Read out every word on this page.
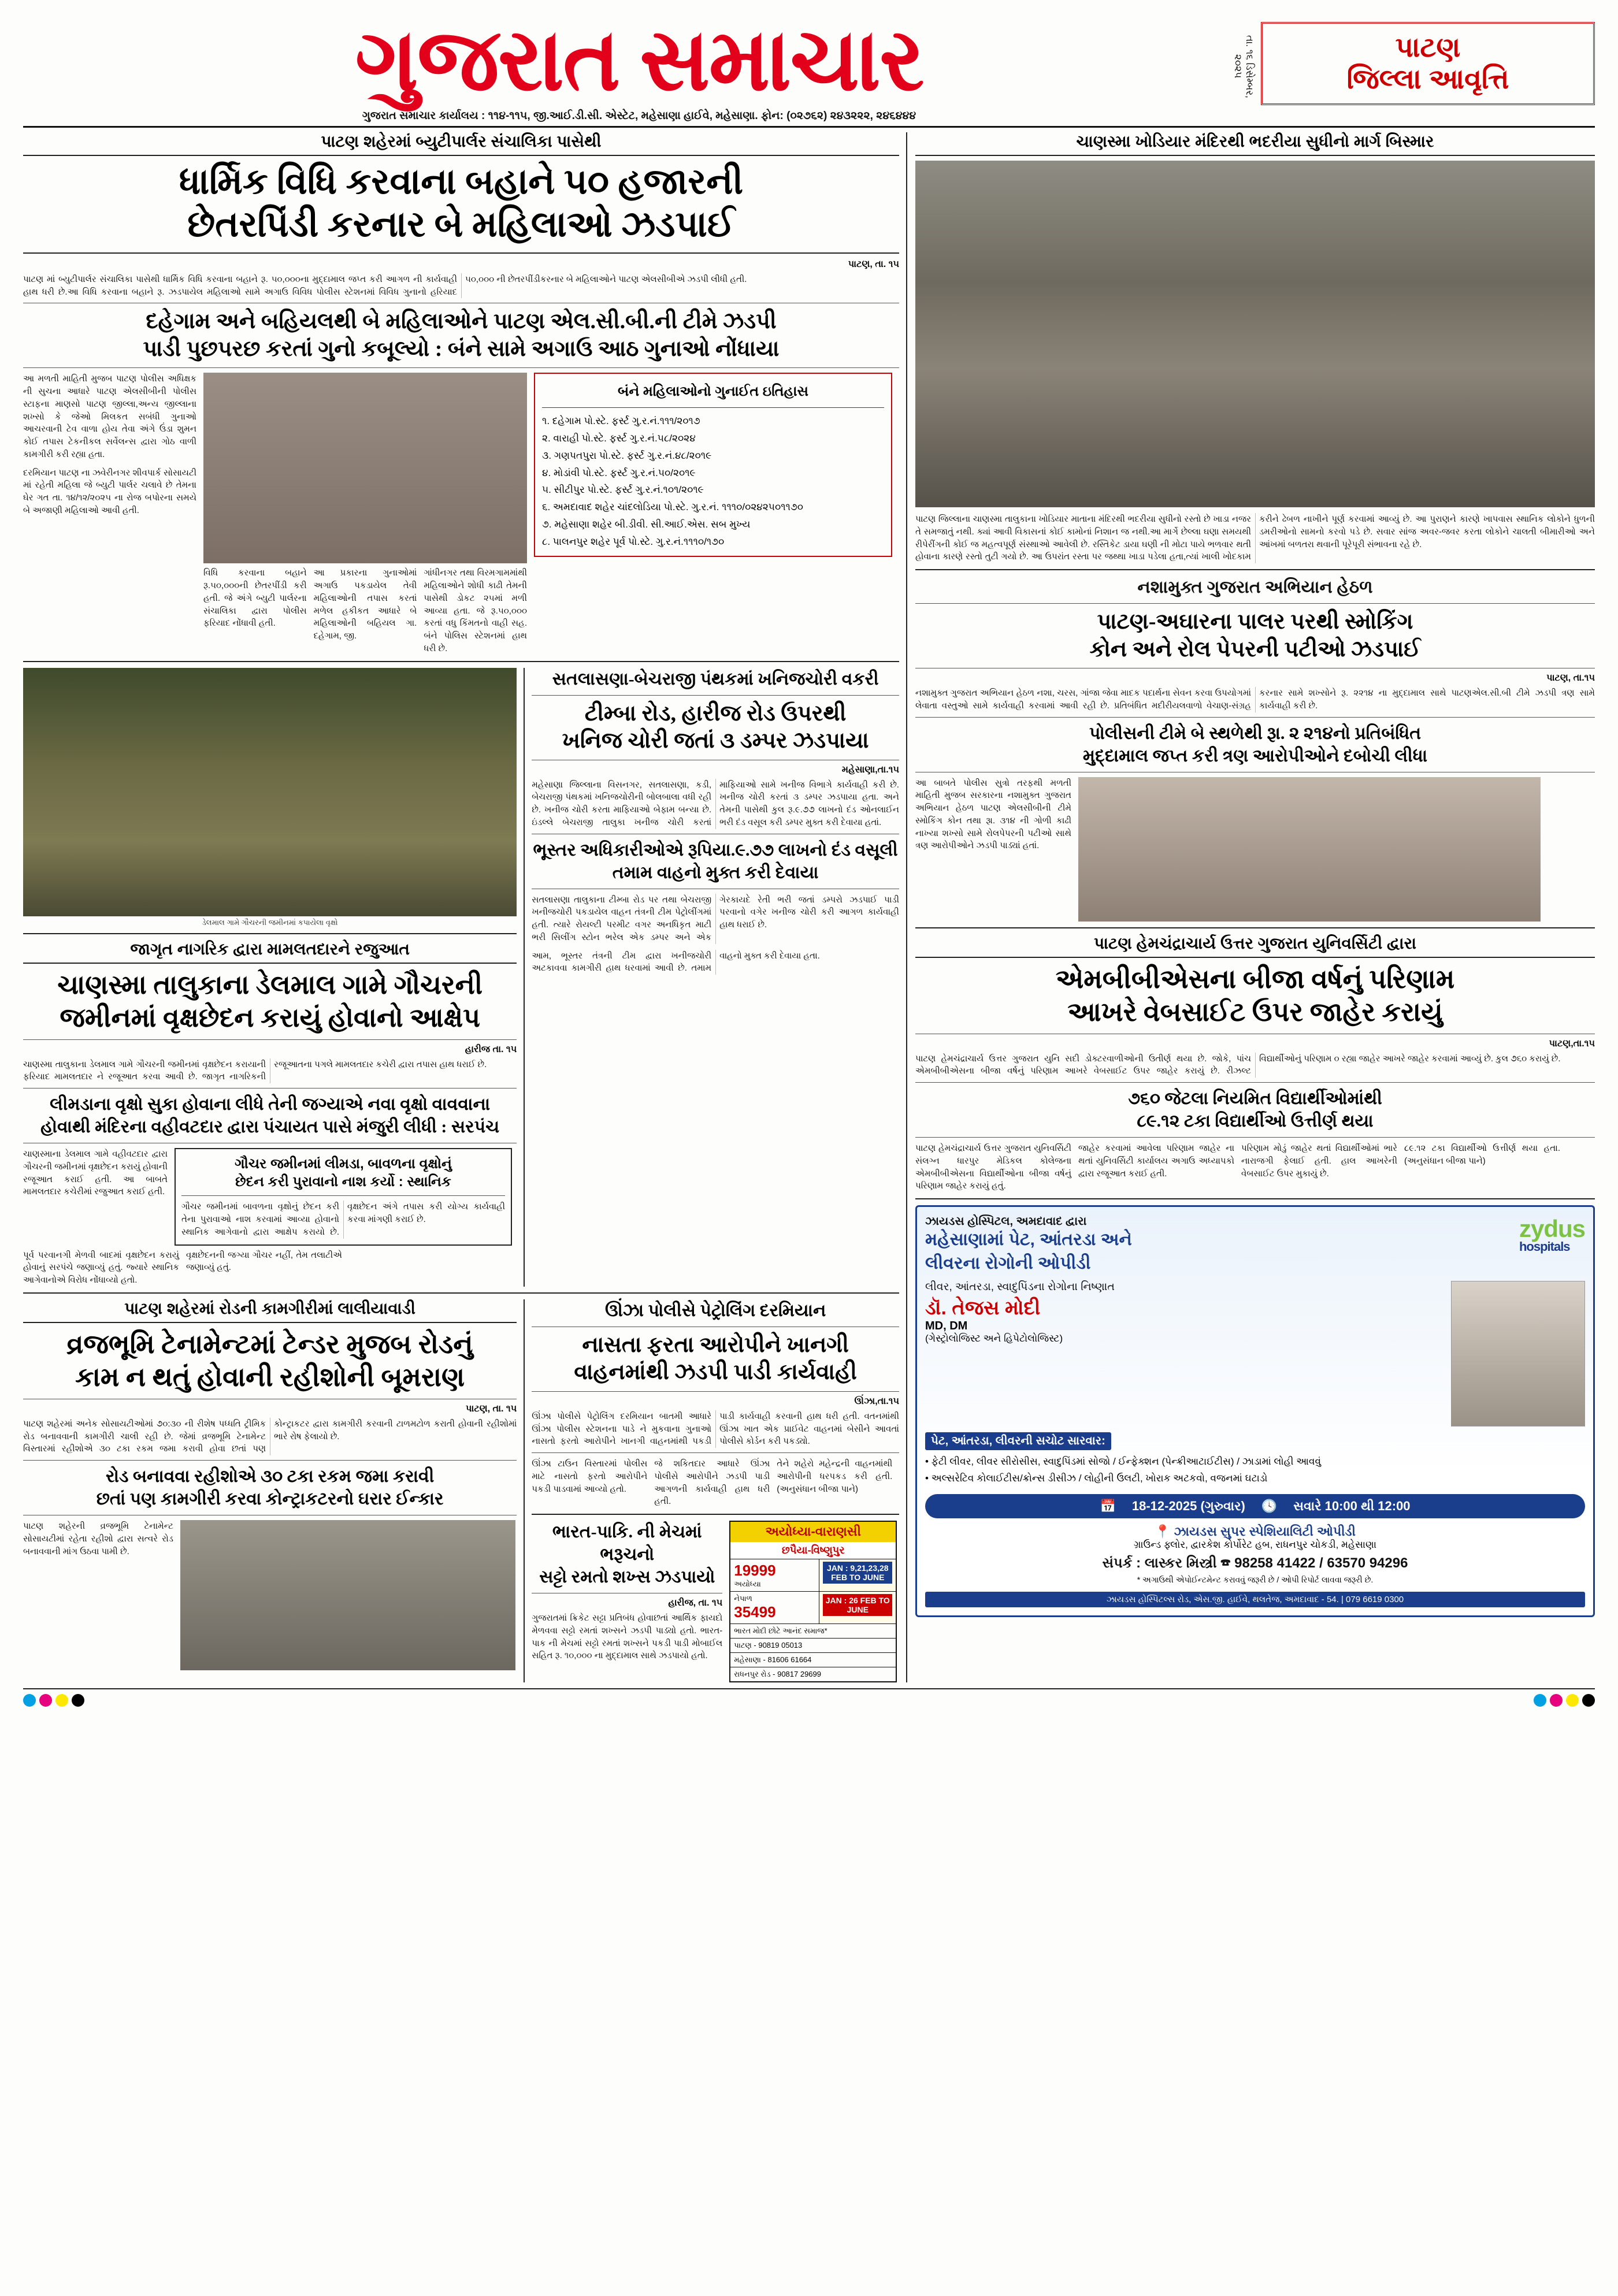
ગુજરાત સમાચાર
ગુજરાત સમાચાર કાર્યાલય : ૧૧૪-૧૧૫, જી.આઈ.ડી.સી. એસ્ટેટ, મહેસાણા હાઈવે, મહેસાણા. ફોન: (૦૨૭૬૨) ૨૪૩૨૨૨, ૨૪૬૪૪૪
તા. ૧૬ ડિસેમ્બર, ૨૦૨૫
પાટણ
જિલ્લા આવૃત્તિ
પાટણ શહેરમાં બ્યુટીપાર્લર સંચાલિકા પાસેથી
ધાર્મિક વિધિ કરવાના બહાને ૫૦ હજારની
છેતરપિંડી કરનાર બે મહિલાઓ ઝડપાઈ
પાટણ, તા. ૧૫

પાટણ માં બ્યુટીપાર્લર સંચાલિકા પાસેથી ધાર્મિક વિધિ કરવાના બહાને રૂ. ૫૦,૦૦૦ના મુદ્દામાલ જપ્ત કરી આગળ ની કાર્યવાહી હાથ ધરી છે.આ વિધિ કરવાના બહાને રૂ. ઝડપાયેલ મહિલાઓ સામે અગાઉ વિવિધ પોલીસ સ્ટેશનમાં વિવિધ ગુનાનો હરિયાદ ૫૦,૦૦૦ ની છેતરપીંડીકરનાર બે મહિલાઓને પાટણ એલસીબીએ ઝડપી લીધી હતી.

દહેગામ અને બહિયલથી બે મહિલાઓને પાટણ એલ.સી.બી.ની ટીમે ઝડપી
પાડી પુછપરછ કરતાં ગુનો કબૂલ્યો : બંને સામે અગાઉ આઠ ગુનાઓ નોંધાયા

આ મળતી માહિતી મુજબ પાટણ પોલીસ અધિક્ષક ની સુચના આધારે પાટણ એલસીબીની પોલીસ સ્ટાફના માણસો પાટણ જીલ્લા,અન્ય જીલ્લાના શખ્સો કે જેઓ મિલકત સબંધી ગુનાઓ આચરવાની ટેવ વાળા હોય તેવા અંગે ઉંડા શુમન કોઈ તપાસ ટેકનીકલ સર્વેલન્સ દ્વારા ગોઠ વાળી કામગીરી કરી રહ્યા હતા.

દરમિયાન પાટણ ના ઝવેરીનગર શીવપાર્ક સોસાયટી માં રહેતી મહિલા જે બ્યુટી પાર્લર ચલાવે છે તેમના ઘેર ગત તા. ૧૪/૧૨/૨૦૨૫ ના રોજ બપોરના સમયે બે અજાણી મહિલાઓ આવી હતી.

વિધિ કરવાના બહાને રૂ.૫૦,૦૦૦ની છેતરપીંડી કરી હતી. જે અંગે બ્યુટી પાર્લરના સંચાલિકા દ્વારા પોલીસ ફરિયાદ નોંધાવી હતી.

આ પ્રકારના ગુનાઓમાં અગાઉ પકડાયેલ તેવી મહિલાઓની તપાસ કરતાં મળેલ હકીકત આધારે બે મહિલાઓની બહિયલ ગા. દહેગામ, જી.

ગાંધીનગર તથા વિરમગામમાંથી મહિલાઓને શોધી કાઢી તેમની પાસેથી ડોકટ ૨૫માં મળી આવ્યા હતા. જે રૂ.૫૦,૦૦૦ કરતાં વધુ કિંમતનો વાહી સહ. બંને પોલિસ સ્ટેશનમાં હાથ ધરી છે.

બંને મહિલાઓનો ગુનાઈત ઇતિહાસ
૧. દહેગામ પો.સ્ટે. ફર્સ્ટ ગુ.ર.નં.૧૧૧/૨૦૧૭
૨. વારાહી પો.સ્ટે. ફર્સ્ટ ગુ.ર.નં.૫૮/૨૦૨૪
૩. ગણપતપુરા પો.સ્ટે. ફર્સ્ટ ગુ.ર.નં.૪૮/૨૦૧૯
૪. મોડાંવી પો.સ્ટે. ફર્સ્ટ ગુ.ર.નં.૫૦/૨૦૧૯
૫. સીટીપુર પો.સ્ટે. ફર્સ્ટ ગુ.ર.નં.૧૦૧/૨૦૧૯
૬. અમદાવાદ શહેર ચાંદલોડિયા પો.સ્ટે. ગુ.ર.નં. ૧૧૧૦/૦૨૪૨૫૦૧૧૭૦
૭. મહેસાણા શહેર બી.ડીવી. સી.આઈ.એસ. સબ મુખ્ય
૮. પાલનપુર શહેર પૂર્વ પો.સ્ટે. ગુ.ર.નં.૧૧૧૦/૧૭૦
ડેલમાલ ગામે ગૌચરની જમીનમાં કપાયેલા વૃક્ષો
જાગૃત નાગરિક દ્વારા મામલતદારને રજુઆત
ચાણસ્મા તાલુકાના ડેલમાલ ગામે ગૌચરની
જમીનમાં વૃક્ષછેદન કરાયું હોવાનો આક્ષેપ
હારીજ તા. ૧૫

ચાણસ્મા તાલુકાના ડેલમાલ ગામે ગૌચરની જમીનમાં વૃક્ષછેદન કરાયાની ફરિયાદ મામલતદાર ને રજૂઆત કરવા આવી છે. જાગૃત નાગરિકની રજૂઆતના પગલે મામલતદાર કચેરી દ્વારા તપાસ હાથ ધરાઈ છે.

લીમડાના વૃક્ષો સુકા હોવાના લીધે તેની જગ્યાએ નવા વૃક્ષો વાવવાના
હોવાથી મંદિરના વહીવટદાર દ્વારા પંચાયત પાસે મંજુરી લીધી : સરપંચ

ચાણસ્માના ડેલમાલ ગામે વહીવટદાર દ્વારા ગૌચરની જમીનમાં વૃક્ષછેદન કરાયું હોવાની રજૂઆત કરાઈ હતી. આ બાબતે મામલતદાર કચેરીમાં રજુઆત કરાઈ હતી.

ગૌચર જમીનમાં લીમડા, બાવળના વૃક્ષોનું
છેદન કરી પુરાવાનો નાશ કર્યો : સ્થાનિક

ગૌચર જમીનમાં બાવળના વૃક્ષોનું છેદન કરી તેના પુરાવાઓ નાશ કરવામાં આવ્યા હોવાનો સ્થાનિક આગેવાનો દ્વારા આક્ષેપ કરાયો છે. વૃક્ષછેદન અંગે તપાસ કરી યોગ્ય કાર્યવાહી કરવા માંગણી કરાઈ છે.

પૂર્વ પરવાનગી મેળવી બાદમાં વૃક્ષછેદન કરાયું હોવાનું સરપંચે જણાવ્યું હતું. જ્યારે સ્થાનિક આગેવાનોએ વિરોધ નોંધાવ્યો હતો.

વૃક્ષછેદનની જગ્યા ગૌચર નહીં, તેમ તલાટીએ જણાવ્યું હતું.

સતલાસણા-બેચરાજી પંથકમાં ખનિજચોરી વકરી
ટીમ્બા રોડ, હારીજ રોડ ઉપરથી
ખનિજ ચોરી જતાં ૩ ડમ્પર ઝડપાયા
મહેસાણા,તા.૧૫

મહેસાણા જિલ્લાના વિસનગર, સતલાસણા, કડી, બેચરાજી પંથકમાં ખનિજચોરીની બોલબાલા વધી રહી છે. ખનીજ ચોરી કરતા માફિયાઓ બેફામ બન્યા છે. ઇંડલ્લે બેચરાજી તાલુકા ખનીજ ચોરી કરતાં માફિયાઓ સામે ખનીજ વિભાગે કાર્યવાહી કરી છે. ખનીજ ચોરી કરતાં ૩ ડમ્પર ઝડપાયા હતા. અને તેમની પાસેથી કુલ રૂ.૯.૭૭ લાખનો દંડ ઓનલાઈન ભરી દંડ વસૂલ કરી ડમ્પર મુક્ત કરી દેવાયા હતાં.

ભૂસ્તર અધિકારીઓએ રૂપિયા.૯.૭૭ લાખનો દંડ વસૂલી તમામ વાહનો મુક્ત કરી દેવાયા

સતલાસણા તાલુકાના ટીમ્બા રોડ પર તથા બેચરાજી ખનીજચોરી પકડાયેલ વાહન તંત્રની ટીમ પેટ્રોલીંગમાં હતી. ત્યારે રોયલ્ટી પરમીટ વગર અનધિકૃત માટી ભરી સિલીંગ સ્ટોન ભરેલ એક ડમ્પર અને એક ગેરકાયદે રેતી ભરી જતાં ડમ્પરો ઝડપાઈ પાડી પરવાનો વગેર ખનીજ ચોરી કરી આગળ કાર્યવાહી હાથ ધરાઈ છે.

આમ, ભૂસ્તર તંત્રની ટીમ દ્વારા ખનીજચોરી અટકાવવા કામગીરી હાથ ધરવામાં આવી છે. તમામ વાહનો મુક્ત કરી દેવાયા હતા.

પાટણ શહેરમાં રોડની કામગીરીમાં લાલીયાવાડી
વ્રજભૂમિ ટેનામેન્ટમાં ટેન્ડર મુજબ રોડનું
કામ ન થતું હોવાની રહીશોની બૂમરાણ
પાટણ, તા. ૧૫

પાટણ શહેરમાં અનેક સોસાયટીઓમાં ૭૦:૩૦ ની રીશેષ પધ્ધતિ ટ્રીમિક રોડ બનાવવાની કામગીરી ચાલી રહી છે. જેમાં વ્રજભૂમિ ટેનામેન્ટ વિસ્તારમાં રહીશોએ ૩૦ ટકા રકમ જમા કરાવી હોવા છતાં પણ કોન્ટ્રાકટર દ્વારા કામગીરી કરવાની ટાળમટોળ કરાતી હોવાની રહીશોમાં ભારે રોષ ફેલાયો છે.

રોડ બનાવવા રહીશોએ ૩૦ ટકા રકમ જમા કરાવી
છતાં પણ કામગીરી કરવા કોન્ટ્રાકટરનો ઘરાર ઈન્કાર

પાટણ શહેરની વ્રજભૂમિ ટેનામેન્ટ સોસાયટીમાં રહેતા રહીશો દ્વારા સત્વરે રોડ બનાવવાની માંગ ઉઠવા પામી છે.

ઊંઝા પોલીસે પેટ્રોલિંગ દરમિયાન
નાસતા ફરતા આરોપીને ખાનગી
વાહનમાંથી ઝડપી પાડી કાર્યવાહી
ઊંઝા,તા.૧૫

ઊંઝા પોલીસે પેટ્રોલિંગ દરમિયાન બાતમી આધારે ઊંઝા પોલીસ સ્ટેશનના પાડે ને મુકવાના ગુનાઓ નાસતો ફરતો આરોપીને ખાનગી વાહનમાંથી પકડી પાડી કાર્યવાહી કરવાની હાથ ધરી હતી. વતનમાંથી ઊંઝા ખાત એક પ્રાઈવેટ વાહનમાં બેસીને આવતાં પોલીસે કોર્ડન કરી પકડ્યો.

ઊંઝા ટાઉન વિસ્તારમાં પોલીસ માટે નાસતો ફરતો આરોપીને પકડી પાડવામાં આવ્યો હતો.

જે શકિતદાર આધારે ઊંઝા પોલીસે આરોપીને ઝડપી પાડી આગળની કાર્યવાહી હાથ ધરી હતી.

તેને શહેરો મહેન્દ્રની વાહનમાંથી આરોપીની ધરપકડ કરી હતી. (અનુસંધાન બીજા પાને)

ભારત-પાકિ. ની મેચમાં ભરૂચનો
સટ્ટો રમતો શખ્સ ઝડપાયો
હારીજ, તા. ૧૫

ગુજરાતમાં ક્રિકેટ સટ્ટા પ્રતિબંધ હોવાછતાં આર્થિક ફાયદો મેળવવા સટ્ટો રમતાં શખ્સને ઝડપી પાડ્યો હતો. ભારત-પાક ની મેચમાં સટ્ટો રમતાં શખ્સને પકડી પાડી મોબાઈલ સહિત રૂ. ૧૦,૦૦૦ ના મુદ્દામાલ સાથે ઝડપાયો હતો.

અયોધ્યા-વારાણસી
છપૈયા-વિષ્ણુપુર
19999
અયોધ્યા
JAN : 9,21,23,28 FEB TO JUNE
નેપાળ
35499
JAN : 26 FEB TO JUNE
ભારત મોદી છોટે આનંદ સમાજ*
પાટણ - 90819 05013
મહેસાણા - 81606 61664
રાધનપુર રોડ - 90817 29699
ચાણસ્મા ખોડિયાર મંદિરથી ભદરીયા સુધીનો માર્ગ બિસ્માર

પાટણ જિલ્લાના ચાણસ્મા તાલુકાના ખોડિયાર માતાના મંદિરથી ભદરીયા સુધીનો રસ્તો છે ખાડા નજર તે સમજાતું નથી. ક્યાં આવી વિકાસનાં કોઈ કામોનાં નિશાન જ નથી.આ માર્ગે છેલ્લા ઘણા સમયથી રીપેરીંગની કોઈ જ મહત્વપૂર્ણ સંસ્થાઓ આવેલી છે. રસ્તિકેટ ડાયા ઘણી ની મોટા પાયે ભળવાર થતી હોવાના કારણે રસ્તો તુટી ગયો છે. આ ઉપરાંત રસ્તા પર જથ્થા ખાડા પડેલા હતા,ત્યાં ખાલી ખોદકામ કરીને ઢેબળ નાખીને પૂર્ણ કરવામાં આવ્યું છે. આ પુરાણને કારણે ખાપવાસ સ્થાનિક લોકોને ધુળની ડમરીઓનો સામનો કરવો પડે છે. સવાર સાંજ અવર-જવર કરતા લોકોને ચાલતી બીમારીઓ અને આંખમાં બળતરા થવાની પૂરેપૂરી સંભાવના રહે છે.

નશામુક્ત ગુજરાત અભિયાન હેઠળ
પાટણ-અઘારના પાલર પરથી સ્મોકિંગ
કોન અને રોલ પેપરની પટીઓ ઝડપાઈ
પાટણ, તા.૧૫

નશામુક્ત ગુજરાત અભિયાન હેઠળ નશા, ચરસ, ગાંજા જેવા માદક પદાર્થના સેવન કરવા ઉપયોગમાં લેવાતા વસ્તુઓ સામે કાર્યવાહી કરવામાં આવી રહી છે. પ્રતિબંધિત મદીરીયલવાળો વેચાણ-સંગ્રહ કરનાર સામે શખ્સોને રૂ. ૨૨૧૪ ના મુદ્દામાલ સાથે પાટણએલ.સી.બી ટીમે ઝડપી ત્રણ સામે કાર્યવાહી કરી છે.

પોલીસની ટીમે બે સ્થળેથી રૂા. ૨ ૨૧૪નો પ્રતિબંધિત
મુદ્દામાલ જપ્ત કરી ત્રણ આરોપીઓને દબોચી લીધા

આ બાબતે પોલીસ સુત્રો તરફથી મળતી માહિતી મુજબ સરકારના નશામુક્ત ગુજરાત અભિયાન હેઠળ પાટણ એલસીબીની ટીમે સ્મોકિંગ કોન તથા રૂા. ૩૧૪ ની ગોળી કાઢી નાખ્યા શખ્સો સામે રોલપેપરની પટીઓ સાથે ત્રણ આરોપીઓને ઝડપી પાડ્યાં હતાં.

પાટણ હેમચંદ્રાચાર્ય ઉત્તર ગુજરાત યુનિવર્સિટી દ્વારા
એમબીબીએસના બીજા વર્ષનું પરિણામ
આખરે વેબસાઈટ ઉપર જાહેર કરાયું
પાટણ,તા.૧૫

પાટણ હેમચંદ્રાચાર્ય ઉત્તર ગુજરાત યુનિ સદી ડોક્ટરવાળીઓની ઉતીર્ણ થયા છે. જોકે, પાંચ એમબીબીએસના બીજા વર્ષનું પરિણામ આખરે વેબસાઈટ ઉપર જાહેર કરાયું છે. રીઝલ્ટ વિદ્યાર્થીઓનું પરિણામ ૦ રહ્યા જાહેર આખરે જાહેર કરવામાં આવ્યું છે. કુલ ૭૬૦ કરાયું છે.

૭૬૦ જેટલા નિયમિત વિદ્યાર્થીઓમાંથી
૮૯.૧૨ ટકા વિદ્યાર્થીઓ ઉત્તીર્ણ થયા

પાટણ હેમચંદ્રાચાર્ય ઉત્તર ગુજરાત યુનિવર્સિટી સંલગ્ન ધારપુર મેડિકલ કોલેજના એમબીબીએસના વિદ્યાર્થીઓના બીજા વર્ષનું પરિણામ જાહેર કરાયું હતું.

જાહેર કરવામાં આવેલા પરિણામ જાહેર ના થતાં યુનિવર્સિટી કાર્યાલય અગાઉ અધ્યાપકો દ્વારા રજૂઆત કરાઈ હતી.

પરિણામ મોડું જાહેર થતાં વિદ્યાર્થીઓમાં ભારે નારાજગી ફેલાઈ હતી. હાલ આખરેની વેબસાઈટ ઉપર મુકાયું છે.

૮૯.૧૨ ટકા વિદ્યાર્થીઓ ઉત્તીર્ણ થયા હતા. (અનુસંધાન બીજા પાને)

ઝાયડસ હોસ્પિટલ, અમદાવાદ દ્વારા
મહેસાણામાં પેટ, આંતરડા અને
લીવરના રોગોની ઓપીડી
zydus
hospitals
લીવર, આંતરડા, સ્વાદુપિંડના રોગોના નિષ્ણાત
ડૉ. તેજસ મોદી
MD, DM
(ગેસ્ટ્રોલોજિસ્ટ અને હિપેટોલોજિસ્ટ)
પેટ, આંતરડા, લીવરની સચોટ સારવાર:
• ફેટી લીવર, લીવર સીરોસીસ, સ્વાદુપિંડમાં સોજો / ઈન્ફેક્શન (પેન્ક્રીઆટાઈટીસ) / ઝાડામાં લોહી આવવું
• અલ્સરેટિવ કોલાઈટીસ/ક્રોન્સ ડીસીઝ / લોહીની ઉલટી, ખોરાક અટકવો, વજનમાં ઘટાડો
📅 18-12-2025 (ગુરુવાર) 🕓 સવારે 10:00 થી 12:00
📍 ઝાયડસ સુપર સ્પેશિયાલિટી ઓપીડી
ગ્રાઉન્ડ ફ્લોર, દ્વારકેશ કોર્પોરેટ હબ, રાધનપુર ચોકડી, મહેસાણા
સંપર્ક : લાસ્કર મિસ્ત્રી ☎ 98258 41422 / 63570 94296
* અગાઉથી એપોઈન્ટમેન્ટ કરાવવું જરૂરી છે / ઓપી રિપોર્ટ લાવવા જરૂરી છે.
ઝાયડસ હોસ્પિટલ્સ રોડ, એસ.જી. હાઈવે, થલતેજ, અમદાવાદ - 54. | 079 6619 0300
